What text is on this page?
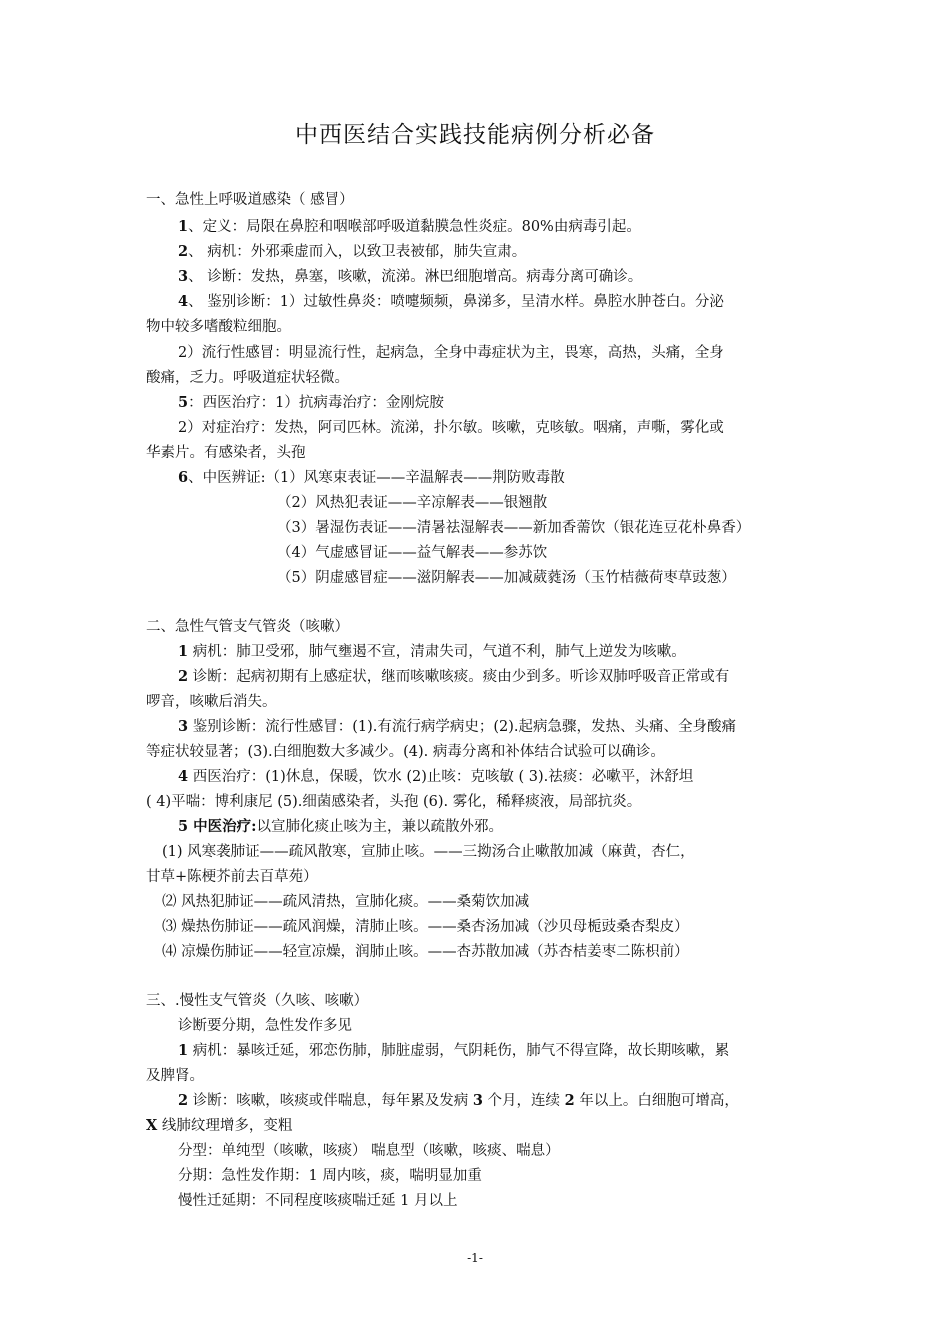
中西医结合实践技能病例分析必备
一、急性上呼吸道感染（ 感冒）
1、定义：局限在鼻腔和咽喉部呼吸道黏膜急性炎症。80%由病毒引起。
2、 病机：外邪乘虚而入，以致卫表被郁，肺失宣肃。
3、 诊断：发热，鼻塞，咳嗽，流涕。淋巴细胞增高。病毒分离可确诊。
4、 鉴别诊断：1）过敏性鼻炎：喷嚏频频，鼻涕多，呈清水样。鼻腔水肿苍白。分泌
物中较多嗜酸粒细胞。
2）流行性感冒：明显流行性，起病急，全身中毒症状为主，畏寒，高热，头痛，全身
酸痛，乏力。呼吸道症状轻微。
5：西医治疗：1）抗病毒治疗：金刚烷胺
2）对症治疗：发热，阿司匹林。流涕，扑尔敏。咳嗽，克咳敏。咽痛，声嘶，雾化或
华素片。有感染者，头孢
6、中医辨证:（1）风寒束表证——辛温解表——荆防败毒散
（2）风热犯表证——辛凉解表——银翘散
（3）暑湿伤表证——清暑祛湿解表——新加香薷饮（银花连豆花朴鼻香）
（4）气虚感冒证——益气解表——参苏饮
（5）阴虚感冒症——滋阴解表——加减葳蕤汤（玉竹桔薇荷枣草豉葱）
二、急性气管支气管炎（咳嗽）
1 病机：肺卫受邪，肺气壅遏不宣，清肃失司，气道不利，肺气上逆发为咳嗽。
2 诊断：起病初期有上感症状，继而咳嗽咳痰。痰由少到多。听诊双肺呼吸音正常或有
啰音，咳嗽后消失。
3 鉴别诊断：流行性感冒：(1).有流行病学病史；(2).起病急骤，发热、头痛、全身酸痛
等症状较显著；(3).白细胞数大多减少。(4). 病毒分离和补体结合试验可以确诊。
4 西医治疗：(1)休息，保暖，饮水 (2)止咳：克咳敏 ( 3).祛痰：必嗽平，沐舒坦
( 4)平喘：博利康尼 (5).细菌感染者，头孢 (6). 雾化，稀释痰液，局部抗炎。
5 中医治疗:以宣肺化痰止咳为主，兼以疏散外邪。
(1) 风寒袭肺证——疏风散寒，宣肺止咳。——三拗汤合止嗽散加减（麻黄，杏仁，
甘草+陈梗芥前去百草苑）
⑵ 风热犯肺证——疏风清热，宣肺化痰。——桑菊饮加减
⑶ 燥热伤肺证——疏风润燥，清肺止咳。——桑杏汤加减（沙贝母栀豉桑杏梨皮）
⑷ 凉燥伤肺证——轻宣凉燥，润肺止咳。——杏苏散加减（苏杏桔姜枣二陈枳前）
三、.慢性支气管炎（久咳、咳嗽）
诊断要分期，急性发作多见
1 病机：暴咳迁延，邪恋伤肺，肺脏虚弱，气阴耗伤，肺气不得宣降，故长期咳嗽，累
及脾肾。
2 诊断：咳嗽，咳痰或伴喘息，每年累及发病 3 个月，连续 2 年以上。白细胞可增高，
X 线肺纹理增多，变粗
分型：单纯型（咳嗽，咳痰） 喘息型（咳嗽，咳痰、喘息）
分期：急性发作期：1 周内咳，痰，喘明显加重
慢性迁延期：不同程度咳痰喘迁延 1 月以上
-1-
